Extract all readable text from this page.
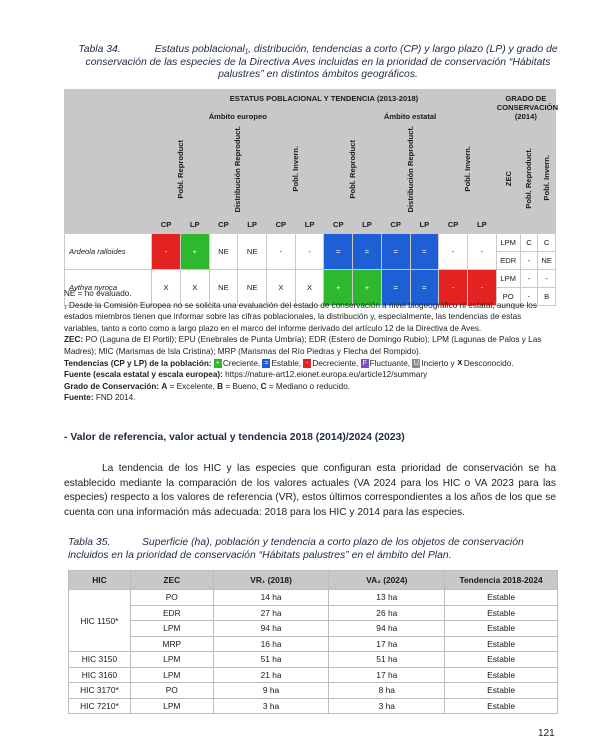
Tabla 34.	Estatus poblacional₁, distribución, tendencias a corto (CP) y largo plazo (LP) y grado de conservación de las especies de la Directiva Aves incluidas en la prioridad de conservación “Hábitats palustres” en distintos ámbitos geográficos.
	ESTATUS POBLACIONAL Y TENDENCIA (2013-2018)												GRADO DE CONSERVACIÓN (2014)		
	Ámbito europeo						Ámbito estatal								
	Pobl. Reproduct		Distribución Reproduct.		Pobl. Invern.		Pobl. Reproduct		Distribución Reproduct.		Pobl. Invern.		ZEC	Pobl. Reproduct.	Pobl. Invern.
	CP	LP	CP	LP	CP	LP	CP	LP	CP	LP	CP	LP			
Ardeola ralloides	-	+	NE	NE	-	-	=	=	=	=	-	-	LPM	C	C
													EDR	-	NE
Aythya nyroca	X	X	NE	NE	X	X	+	+	=	=	-	-	LPM	-	-
													PO	-	B

NE = no evaluado.

₁ Desde la Comisión Europea no se solicita una evaluación del estado de conservación a nivel biogeográfico ni estatal, aunque los estados miembros tienen que informar sobre las cifras poblacionales, la distribución y, especialmente, las tendencias de estas variables, tanto a corto como a largo plazo en el marco del informe derivado del artículo 12 de la Directiva de Aves.

ZEC: PO (Laguna de El Portil); EPU (Enebrales de Punta Umbría); EDR (Estero de Domingo Rubio); LPM (Lagunas de Palos y Las Madres); MIC (Marismas de Isla Cristina); MRP (Marismas del Río Piedras y Flecha del Rompido).

Tendencias (CP y LP) de la población: + Creciente, = Estable, - Decreciente, F Fluctuante, U Incierto y X Desconocido.

Fuente (escala estatal y escala europea): https://nature-art12.eionet.europa.eu/article12/summary

Grado de Conservación: A = Excelente, B = Bueno, C = Mediano o reducido.

Fuente: FND 2014.

- Valor de referencia, valor actual y tendencia 2018 (2014)/2024 (2023)

La tendencia de los HIC y las especies que configuran esta prioridad de conservación se ha establecido mediante la comparación de los valores actuales (VA 2024 para los HIC o VA 2023 para las especies) respecto a los valores de referencia (VR), estos últimos correspondientes a los años de los que se cuenta con una información más adecuada: 2018 para los HIC y 2014 para las especies.

Tabla 35.	Superficie (ha), población y tendencia a corto plazo de los objetos de conservación incluidos en la prioridad de conservación “Hábitats palustres” en el ámbito del Plan.
HIC	ZEC	VR₁ (2018)	VA₂ (2024)	Tendencia 2018-2024
HIC 1150*	PO	14 ha	13 ha	Estable
	EDR	27 ha	26 ha	Estable
	LPM	94 ha	94 ha	Estable
	MRP	16 ha	17 ha	Estable
HIC 3150	LPM	51 ha	51 ha	Estable
HIC 3160	LPM	21 ha	17 ha	Estable
HIC 3170*	PO	9 ha	8 ha	Estable
HIC 7210*	LPM	3 ha	3 ha	Estable
121
